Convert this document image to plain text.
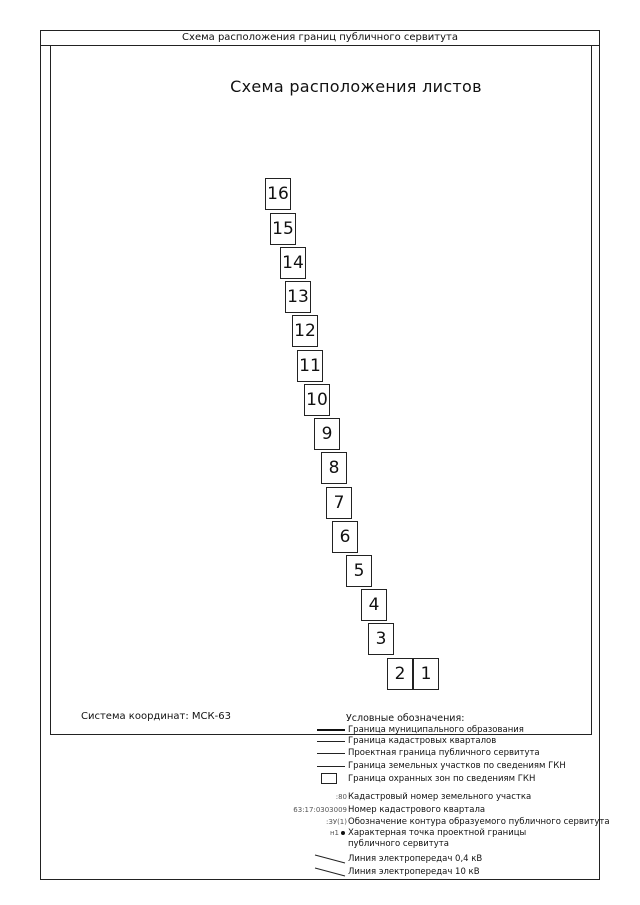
Схема расположения границ публичного сервитута
Схема расположения листов
16
15
14
13
12
11
10
9
8
7
6
5
4
3
2 1
Система координат: МСК-63	Условные обозначения:
Граница муниципального образования
Граница кадастровых кварталов
Проектная граница публичного сервитута
Граница земельных участков по сведениям ГКН
Граница охранных зон по сведениям ГКН
:80 Кадастровый номер земельного участка
63:17:0303009 Номер кадастрового квартала
:ЗУ(1) Обозначение контура образуемого публичного сервитута
н1 Характерная точка проектной границы
публичного сервитута
Линия электропередач 0,4 кВ
Линия электропередач 10 кВ
